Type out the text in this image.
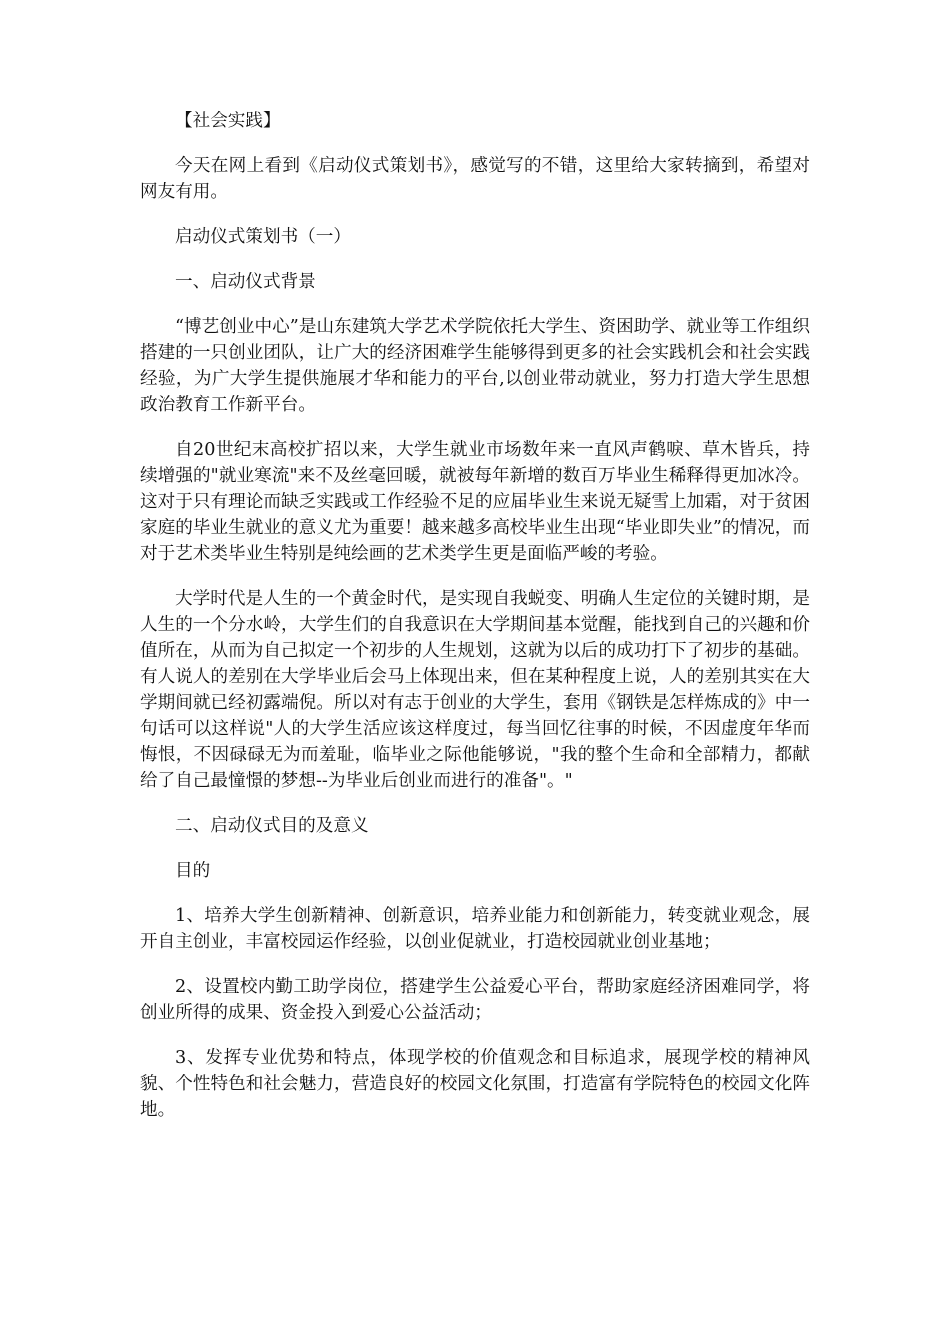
【社会实践】

今天在网上看到《启动仪式策划书》，感觉写的不错，这里给大家转摘到，希望对网友有用。

启动仪式策划书（一）

一、启动仪式背景

“博艺创业中心”是山东建筑大学艺术学院依托大学生、资困助学、就业等工作组织搭建的一只创业团队，让广大的经济困难学生能够得到更多的社会实践机会和社会实践经验，为广大学生提供施展才华和能力的平台,以创业带动就业，努力打造大学生思想政治教育工作新平台。

自20世纪末高校扩招以来，大学生就业市场数年来一直风声鹤唳、草木皆兵，持续增强的"就业寒流"来不及丝毫回暖，就被每年新增的数百万毕业生稀释得更加冰冷。这对于只有理论而缺乏实践或工作经验不足的应届毕业生来说无疑雪上加霜，对于贫困家庭的毕业生就业的意义尤为重要！越来越多高校毕业生出现“毕业即失业”的情况，而对于艺术类毕业生特别是纯绘画的艺术类学生更是面临严峻的考验。

大学时代是人生的一个黄金时代，是实现自我蜕变、明确人生定位的关键时期，是人生的一个分水岭，大学生们的自我意识在大学期间基本觉醒，能找到自己的兴趣和价值所在，从而为自己拟定一个初步的人生规划，这就为以后的成功打下了初步的基础。有人说人的差别在大学毕业后会马上体现出来，但在某种程度上说，人的差别其实在大学期间就已经初露端倪。所以对有志于创业的大学生，套用《钢铁是怎样炼成的》中一句话可以这样说"人的大学生活应该这样度过，每当回忆往事的时候，不因虚度年华而悔恨，不因碌碌无为而羞耻，临毕业之际他能够说，"我的整个生命和全部精力，都献给了自己最憧憬的梦想--为毕业后创业而进行的准备"。"

二、启动仪式目的及意义

目的

1、培养大学生创新精神、创新意识，培养业能力和创新能力，转变就业观念，展开自主创业，丰富校园运作经验，以创业促就业，打造校园就业创业基地；

2、设置校内勤工助学岗位，搭建学生公益爱心平台，帮助家庭经济困难同学，将创业所得的成果、资金投入到爱心公益活动；

3、发挥专业优势和特点，体现学校的价值观念和目标追求，展现学校的精神风貌、个性特色和社会魅力，营造良好的校园文化氛围，打造富有学院特色的校园文化阵地。
